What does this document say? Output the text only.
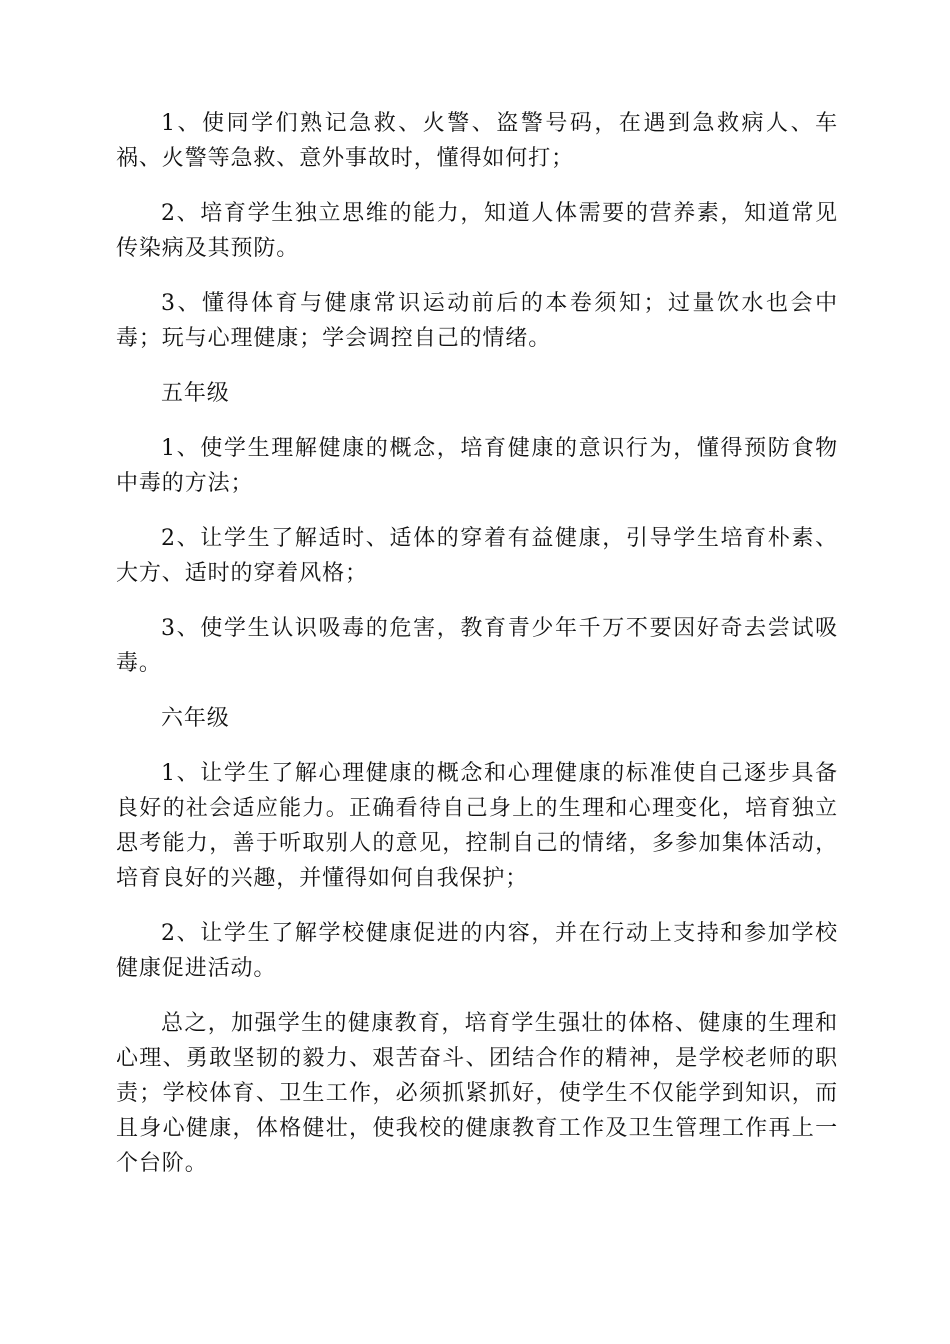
1、使同学们熟记急救、火警、盗警号码，在遇到急救病人、车祸、火警等急救、意外事故时，懂得如何打；

2、培育学生独立思维的能力，知道人体需要的营养素，知道常见传染病及其预防。

3、懂得体育与健康常识运动前后的本卷须知；过量饮水也会中毒；玩与心理健康；学会调控自己的情绪。

五年级

1、使学生理解健康的概念，培育健康的意识行为，懂得预防食物中毒的方法；

2、让学生了解适时、适体的穿着有益健康，引导学生培育朴素、大方、适时的穿着风格；

3、使学生认识吸毒的危害，教育青少年千万不要因好奇去尝试吸毒。

六年级

1、让学生了解心理健康的概念和心理健康的标准使自己逐步具备良好的社会适应能力。正确看待自己身上的生理和心理变化，培育独立思考能力，善于听取别人的意见，控制自己的情绪，多参加集体活动，培育良好的兴趣，并懂得如何自我保护；

2、让学生了解学校健康促进的内容，并在行动上支持和参加学校健康促进活动。

总之，加强学生的健康教育，培育学生强壮的体格、健康的生理和心理、勇敢坚韧的毅力、艰苦奋斗、团结合作的精神，是学校老师的职责；学校体育、卫生工作，必须抓紧抓好，使学生不仅能学到知识，而且身心健康，体格健壮，使我校的健康教育工作及卫生管理工作再上一个台阶。
